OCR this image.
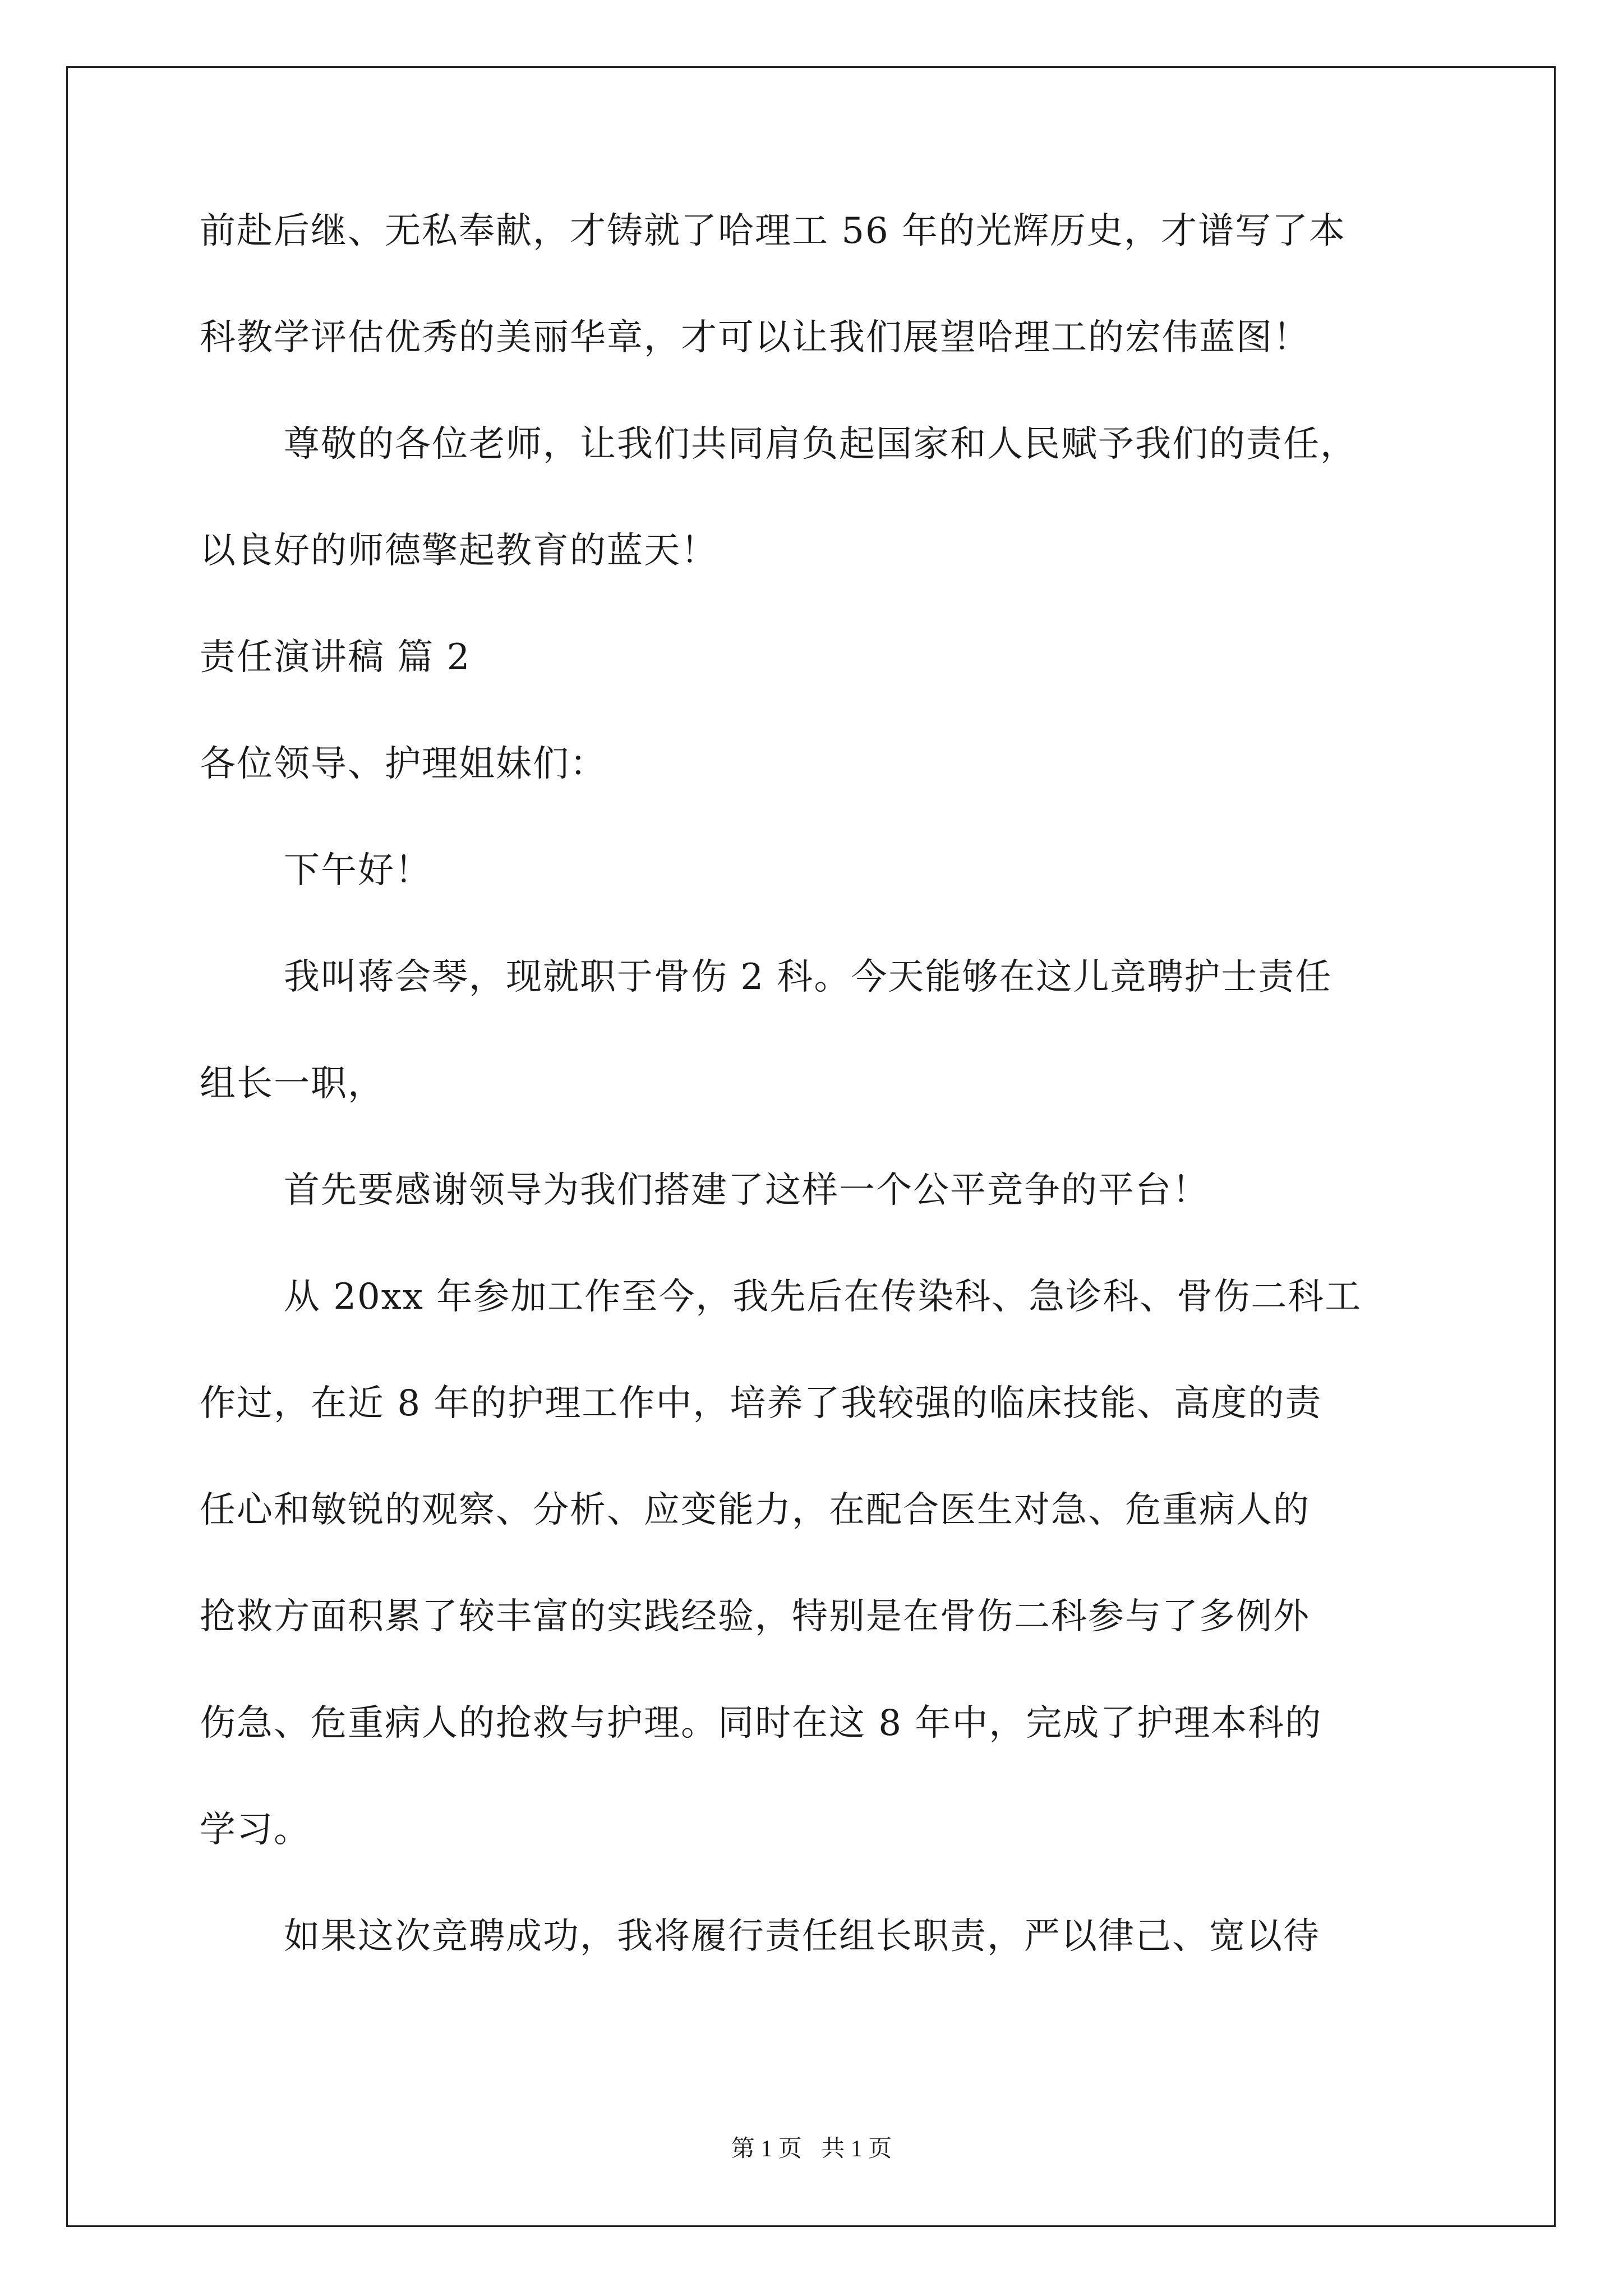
前赴后继、无私奉献，才铸就了哈理工 56 年的光辉历史，才谱写了本
科教学评估优秀的美丽华章，才可以让我们展望哈理工的宏伟蓝图！
尊敬的各位老师，让我们共同肩负起国家和人民赋予我们的责任，
以良好的师德擎起教育的蓝天！
责任演讲稿 篇 2
各位领导、护理姐妹们：
下午好！
我叫蒋会琴，现就职于骨伤 2 科。今天能够在这儿竞聘护士责任
组长一职，
首先要感谢领导为我们搭建了这样一个公平竞争的平台！
从 20xx 年参加工作至今，我先后在传染科、急诊科、骨伤二科工
作过，在近 8 年的护理工作中，培养了我较强的临床技能、高度的责
任心和敏锐的观察、分析、应变能力，在配合医生对急、危重病人的
抢救方面积累了较丰富的实践经验，特别是在骨伤二科参与了多例外
伤急、危重病人的抢救与护理。同时在这 8 年中，完成了护理本科的
学习。
如果这次竞聘成功，我将履行责任组长职责，严以律己、宽以待
第 1 页 共 1 页
